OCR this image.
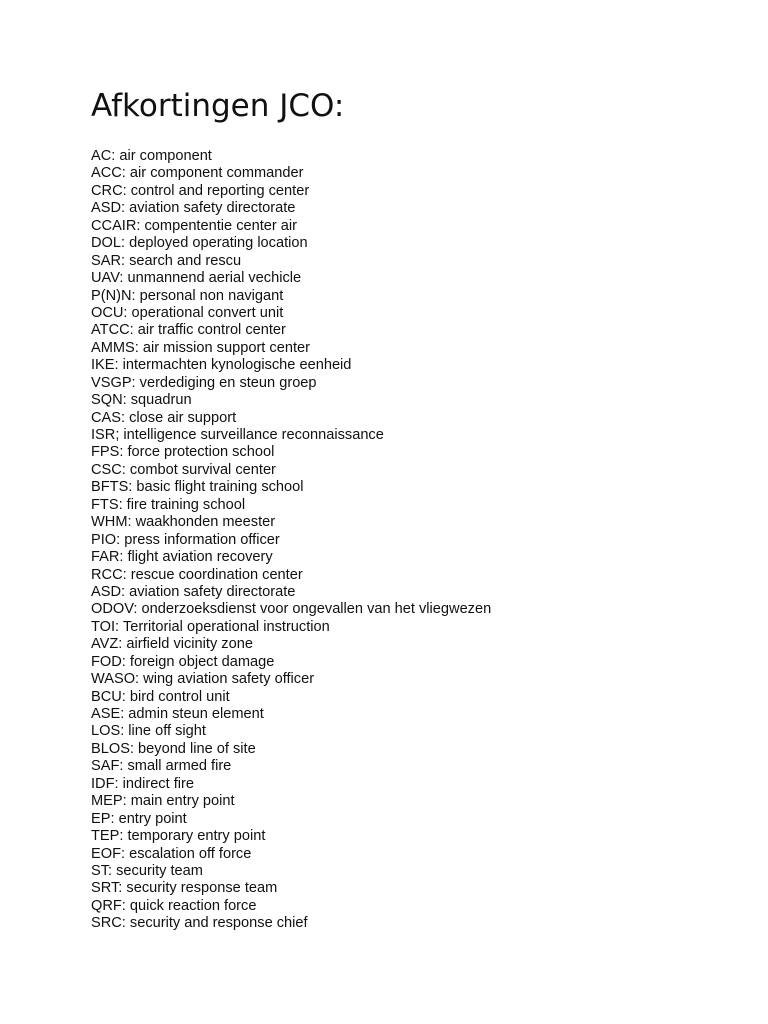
Afkortingen JCO:
AC: air component
ACC: air component commander
CRC: control and reporting center
ASD: aviation safety directorate
CCAIR: compententie center air
DOL: deployed operating location
SAR: search and rescu
UAV: unmannend aerial vechicle
P(N)N: personal non navigant
OCU: operational convert unit
ATCC: air traffic control center
AMMS: air mission support center
IKE: intermachten kynologische eenheid
VSGP: verdediging en steun groep
SQN: squadrun
CAS: close air support
ISR; intelligence surveillance reconnaissance
FPS: force protection school
CSC: combot survival center
BFTS: basic flight training school
FTS: fire training school
WHM: waakhonden meester
PIO: press information officer
FAR: flight aviation recovery
RCC: rescue coordination center
ASD: aviation safety directorate
ODOV: onderzoeksdienst voor ongevallen van het vliegwezen
TOI: Territorial operational instruction
AVZ: airfield vicinity zone
FOD: foreign object damage
WASO: wing aviation safety officer
BCU: bird control unit
ASE: admin steun element
LOS: line off sight
BLOS: beyond line of site
SAF: small armed fire
IDF: indirect fire
MEP: main entry point
EP: entry point
TEP: temporary entry point
EOF: escalation off force
ST: security team
SRT: security response team
QRF: quick reaction force
SRC: security and response chief
